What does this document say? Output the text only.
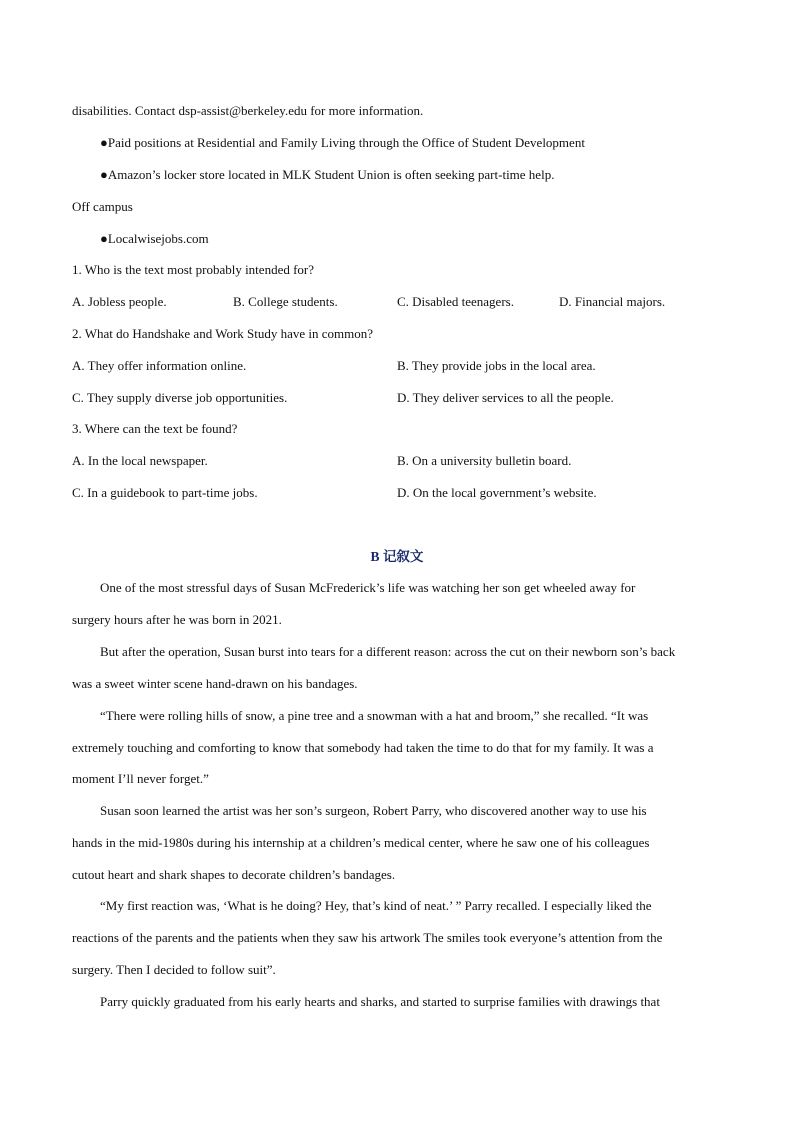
disabilities. Contact dsp-assist@berkeley.edu for more information.
●Paid positions at Residential and Family Living through the Office of Student Development
●Amazon’s locker store located in MLK Student Union is often seeking part-time help.
Off campus
●Localwisejobs.com
1. Who is the text most probably intended for?
A. Jobless people.	B. College students.	C. Disabled teenagers.	D. Financial majors.
2. What do Handshake and Work Study have in common?
A. They offer information online.	B. They provide jobs in the local area.
C. They supply diverse job opportunities.	D. They deliver services to all the people.
3. Where can the text be found?
A. In the local newspaper.	B. On a university bulletin board.
C. In a guidebook to part-time jobs.	D. On the local government’s website.
B 记叙文
One of the most stressful days of Susan McFrederick’s life was watching her son get wheeled away for
surgery hours after he was born in 2021.
But after the operation, Susan burst into tears for a different reason: across the cut on their newborn son’s back
was a sweet winter scene hand-drawn on his bandages.
“There were rolling hills of snow, a pine tree and a snowman with a hat and broom,” she recalled. “It was
extremely touching and comforting to know that somebody had taken the time to do that for my family. It was a
moment I’ll never forget.”
Susan soon learned the artist was her son’s surgeon, Robert Parry, who discovered another way to use his
hands in the mid-1980s during his internship at a children’s medical center, where he saw one of his colleagues
cutout heart and shark shapes to decorate children’s bandages.
“My first reaction was, ‘What is he doing? Hey, that’s kind of neat.’ ” Parry recalled. I especially liked the
reactions of the parents and the patients when they saw his artwork The smiles took everyone’s attention from the
surgery. Then I decided to follow suit”.
Parry quickly graduated from his early hearts and sharks, and started to surprise families with drawings that
